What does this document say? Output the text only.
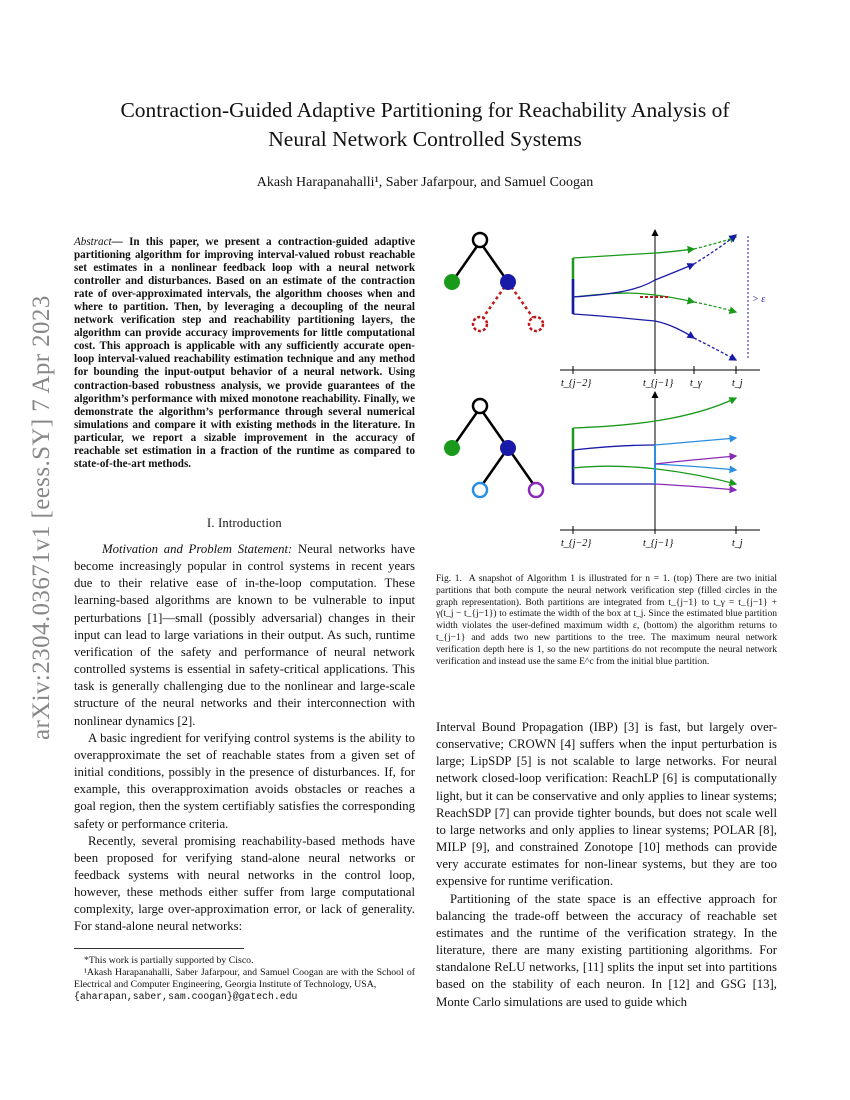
arXiv:2304.03671v1 [eess.SY] 7 Apr 2023
Contraction-Guided Adaptive Partitioning for Reachability Analysis of
Neural Network Controlled Systems
Akash Harapanahalli¹, Saber Jafarpour, and Samuel Coogan
Abstract— In this paper, we present a contraction-guided adaptive partitioning algorithm for improving interval-valued robust reachable set estimates in a nonlinear feedback loop with a neural network controller and disturbances. Based on an estimate of the contraction rate of over-approximated intervals, the algorithm chooses when and where to partition. Then, by leveraging a decoupling of the neural network verification step and reachability partitioning layers, the algorithm can provide accuracy improvements for little computational cost. This approach is applicable with any sufficiently accurate open-loop interval-valued reachability estimation technique and any method for bounding the input-output behavior of a neural network. Using contraction-based robustness analysis, we provide guarantees of the algorithm’s performance with mixed monotone reachability. Finally, we demonstrate the algorithm’s performance through several numerical simulations and compare it with existing methods in the literature. In particular, we report a sizable improvement in the accuracy of reachable set estimation in a fraction of the runtime as compared to state-of-the-art methods.
I. Introduction

Motivation and Problem Statement: Neural networks have become increasingly popular in control systems in recent years due to their relative ease of in-the-loop computation. These learning-based algorithms are known to be vulnerable to input perturbations [1]—small (possibly adversarial) changes in their input can lead to large variations in their output. As such, runtime verification of the safety and performance of neural network controlled systems is essential in safety-critical applications. This task is generally challenging due to the nonlinear and large-scale structure of the neural networks and their interconnection with nonlinear dynamics [2].

A basic ingredient for verifying control systems is the ability to overapproximate the set of reachable states from a given set of initial conditions, possibly in the presence of disturbances. If, for example, this overapproximation avoids obstacles or reaches a goal region, then the system certifiably satisfies the corresponding safety or performance criteria.

Recently, several promising reachability-based methods have been proposed for verifying stand-alone neural networks or feedback systems with neural networks in the control loop, however, these methods either suffer from large computational complexity, large over-approximation error, or lack of generality. For stand-alone neural networks:

*This work is partially supported by Cisco.
¹Akash Harapanahalli, Saber Jafarpour, and Samuel Coogan are with the School of Electrical and Computer Engineering, Georgia Institute of Technology, USA,
{aharapan,saber,sam.coogan}@gatech.edu
> ε
t_{j−2}	t_{j−1} t_γ	t_j
t_{j−2}	t_{j−1}	t_j
Fig. 1. A snapshot of Algorithm 1 is illustrated for n = 1. (top) There are two initial partitions that both compute the neural network verification step (filled circles in the graph representation). Both partitions are integrated from t_{j−1} to t_γ = t_{j−1} + γ(t_j − t_{j−1}) to estimate the width of the box at t_j. Since the estimated blue partition width violates the user-defined maximum width ε, (bottom) the algorithm returns to t_{j−1} and adds two new partitions to the tree. The maximum neural network verification depth here is 1, so the new partitions do not recompute the neural network verification and instead use the same E^c from the initial blue partition.

Interval Bound Propagation (IBP) [3] is fast, but largely over-conservative; CROWN [4] suffers when the input perturbation is large; LipSDP [5] is not scalable to large networks. For neural network closed-loop verification: ReachLP [6] is computationally light, but it can be conservative and only applies to linear systems; ReachSDP [7] can provide tighter bounds, but does not scale well to large networks and only applies to linear systems; POLAR [8], MILP [9], and constrained Zonotope [10] methods can provide very accurate estimates for non-linear systems, but they are too expensive for runtime verification.

Partitioning of the state space is an effective approach for balancing the trade-off between the accuracy of reachable set estimates and the runtime of the verification strategy. In the literature, there are many existing partitioning algorithms. For standalone ReLU networks, [11] splits the input set into partitions based on the stability of each neuron. In [12] and GSG [13], Monte Carlo simulations are used to guide which
